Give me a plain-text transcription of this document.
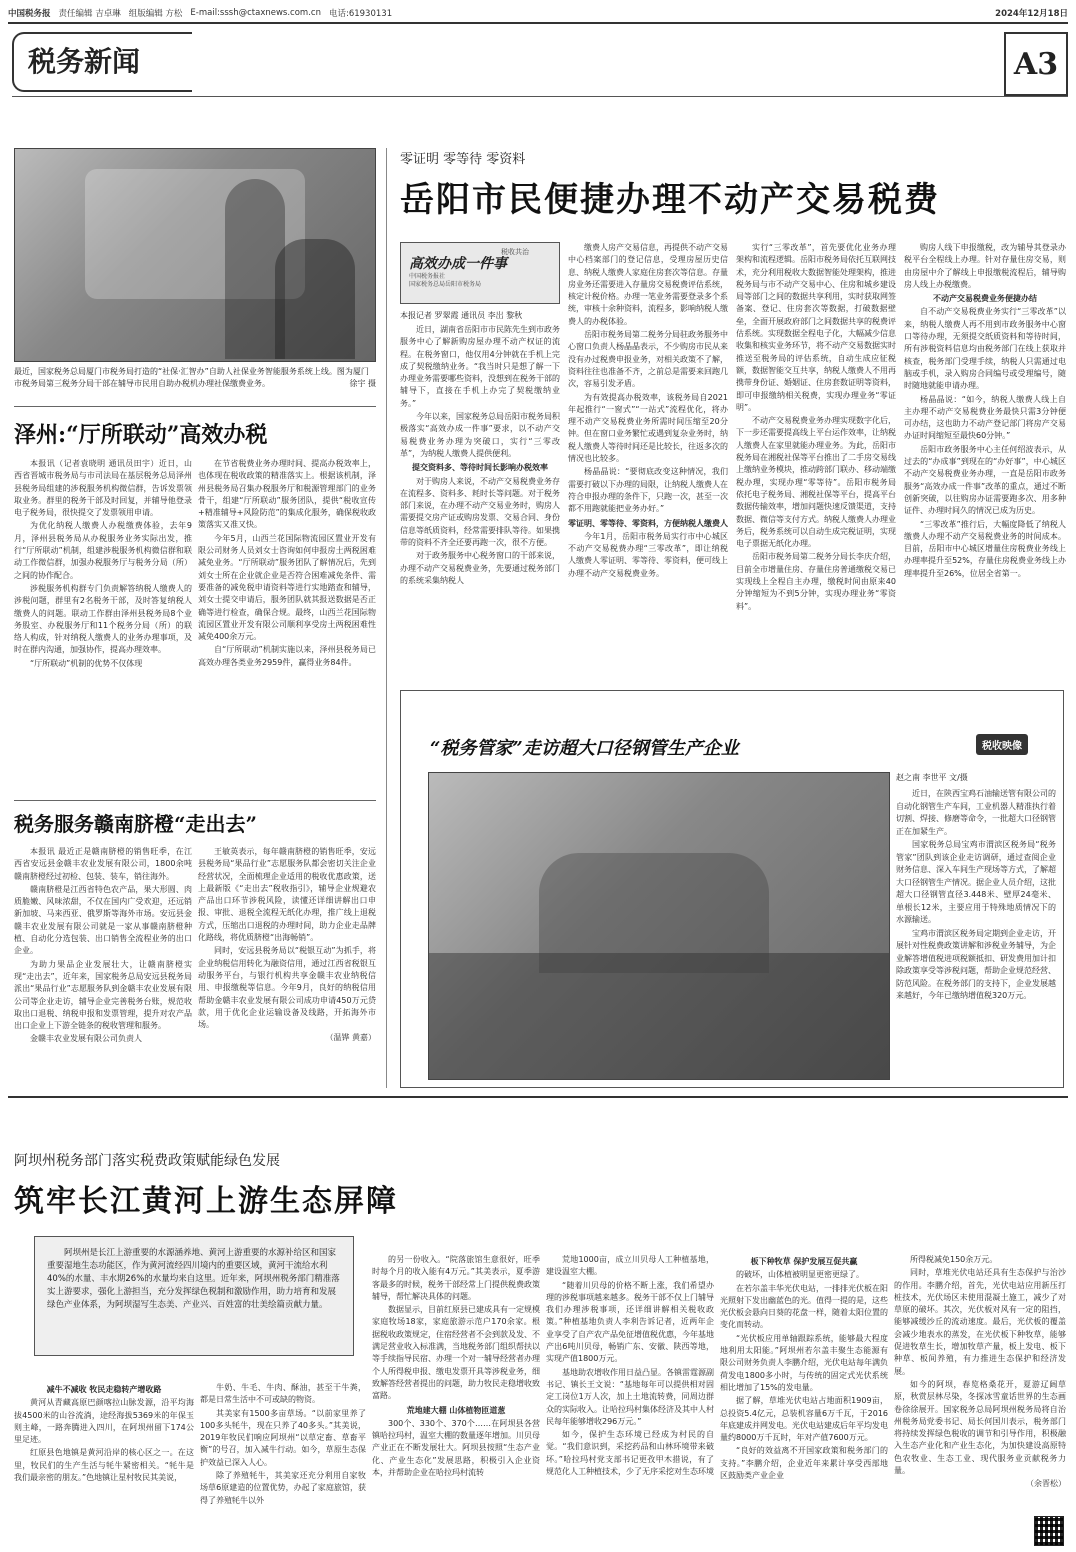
中国税务报 责任编辑 吉卓琳 组版编辑 方松 E-mail:sssh@ctaxnews.com.cn 电话:61930131	2024年12月18日
税务新闻	A3
最近，国家税务总局厦门市税务局打造的“社保·汇智办”自助人社保业务智能服务系统上线。图为厦门市税务局第三税务分局干部在辅导市民用自助办税机办理社保缴费业务。	徐宇 摄
泽州:“厅所联动”高效办税

本报讯（记者袁晓明 通讯员田宇）近日，山西省晋城市税务局与市司法局在基层税务总局泽州县税务局组建的涉税服务机构微信群，告诉发票领取业务。群里的税务干部及时回复，并辅导他登录电子税务局，很快提交了发票领用申请。

为优化纳税人缴费人办税缴费体验，去年9月，泽州县税务局从办税服务业务实际出发，推行“厅所联动”机制，组建涉税服务机构微信群和联动工作微信群，加强办税服务厅与税务分局（所）之间的协作配合。

涉税服务机构群专门负责解答纳税人缴费人的涉税问题，群里有2名税务干部，及时答复纳税人缴费人的问题。联动工作群由泽州县税务局8个业务股室、办税服务厅和11个税务分局（所）的联络人构成，针对纳税人缴费人的业务办理事项，及时在群内沟通，加强协作，提高办理效率。

“厅所联动”机制的优势不仅体现

在节省税费业务办理时间、提高办税效率上，也体现在税收政策的精准落实上。根据该机制，泽州县税务局召集办税服务厅和税源管理部门的业务骨干，组建“厅所联动”服务团队，提供“税收宣传+精准辅导+风险防范”的集成化服务，确保税收政策落实又准又快。

今年5月，山西兰花国际物流园区置业开发有限公司财务人员刘女士咨询如何申报房土两税困难减免业务。“厅所联动”服务团队了解情况后，先到刘女士所在企业就企业是否符合困难减免条件、需要准备的减免税申请资料等进行实地踏查和辅导，刘女士提交申请后，服务团队就其报送数据是否正确等进行检查，确保合规。最终，山西兰花国际物流园区置业开发有限公司顺利享受房土两税困难性减免400余万元。

自“厅所联动”机制实施以来，泽州县税务局已高效办理各类业务2959件，赢得业务84件。

税务服务赣南脐橙“走出去”

本报讯 最近正是赣南脐橙的销售旺季，在江西省安远县金赣丰农业发展有限公司，1800余吨赣南脐橙经过初检、包装、装车，销往海外。

赣南脐橙是江西省特色农产品，果大形圆、肉质脆嫩、风味浓甜，不仅在国内广受欢迎，还远销新加坡、马来西亚、俄罗斯等海外市场。安远县金赣丰农业发展有限公司就是一家从事赣南脐橙种植、自动化分选包装、出口销售全流程业务的出口企业。

为助力果品企业发展壮大，让赣南脐橙实现“走出去”，近年来，国家税务总局安远县税务局派出“果品行业”志愿服务队到金赣丰农业发展有限公司等企业走访，辅导企业完善税务台账，规范收取出口退税、纳税申报和发票管理，提升对农产品出口企业上下游全链条的税收管理和服务。

金赣丰农业发展有限公司负责人

王敏英表示，每年赣南脐橙的销售旺季，安远县税务局“果品行业”志愿服务队都会密切关注企业经营状况，全面梳理企业适用的税收优惠政策，送上最新版《“走出去”税收指引》，辅导企业规避农产品出口环节涉税风险，读懂还详细讲解出口申报、审批、退税全流程无纸化办理，推广线上退税方式，压缩出口退税的办理时间，助力企业走品牌化路线，将优质脐橙“出海畅销”。

同时，安远县税务局以“税银互动”为抓手，将企业纳税信用转化为融资信用，通过江西省税银互动服务平台，与银行机构共享金赣丰农业纳税信用、申报缴税等信息。今年9月，良好的纳税信用帮助金赣丰农业发展有限公司成功申请450万元贷款，用于优化企业运输设备及线路，开拓海外市场。

（温铧 黄嘉）

零证明 零等待 零资料
岳阳市民便捷办理不动产交易税费
税收共治
高效办成一件事
中国税务报社
国家税务总局岳阳市税务局
本报记者 罗翠霞 通讯员 李岀 黎秋

近日，湖南省岳阳市市民陈先生到市政务服务中心了解新购房屋办理不动产权证的流程。在税务窗口，他仅用4分钟就在手机上完成了契税缴纳业务。“我当时只是想了解一下办理业务需要哪些资料，没想到在税务干部的辅导下，直接在手机上办完了契税缴纳业务。”

今年以来，国家税务总局岳阳市税务局积极落实“高效办成一件事”要求，以不动产交易税费业务办理为突破口，实行“三零改革”，为纳税人缴费人提供便利。

提交资料多、等待时间长影响办税效率

对于购房人来说，不动产交易税费业务存在流程多、资料多、耗时长等问题。对于税务部门来说，在办理不动产交易业务时，购房人需要提交房产证或购房发票、交易合同、身份信息等纸质资料，经常需要排队等待。如果携带的资料不齐全还要再跑一次，很不方便。

对于政务服务中心税务窗口的干部来说，办理不动产交易税费业务，先要通过税务部门的系统采集纳税人

缴费人房产交易信息，再提供不动产交易中心档案部门的登记信息，受理房屋历史信息、纳税人缴费人家庭住房套次等信息。存量房业务还需要进入存量房交易税费评估系统，核定计税价格。办理一笔业务需要登录多个系统，审核十余种资料，流程多，影响纳税人缴费人的办税体验。

岳阳市税务局第二税务分局驻政务服务中心窗口负责人杨晶晶表示，不少购房市民从来没有办过税费申报业务，对相关政策不了解，资料往往也准备不齐，之前总是需要来回跑几次，容易引发矛盾。

为有效提高办税效率，该税务局自2021年起推行“一窗式”“一站式”流程优化，将办理不动产交易税费业务所需时间压缩至20分钟。但在窗口业务繁忙或遇到复杂业务时，纳税人缴费人等待时间还是比较长，往返多次的情况也比较多。

杨晶晶说：“要彻底改变这种情况，我们需要打破以下办理的局限，让纳税人缴费人在符合申报办理的条件下，只跑一次，甚至一次都不用跑就能把业务办好。”

零证明、零等待、零资料，方便纳税人缴费人

今年1月，岳阳市税务局实行市中心城区不动产交易税费办理“三零改革”，即让纳税人缴费人零证明、零等待、零资料，便可线上办理不动产交易税费业务。

实行“三零改革”，首先要优化业务办理架构和流程逻辑。岳阳市税务局依托互联网技术，充分利用税收大数据智能处理架构，推进税务局与市不动产交易中心、住房和城乡建设局等部门之间的数据共享利用，实时获取网签备案、登记、住房套次等数据，打破数据壁垒，全面开展政府部门之间数据共享的税费评估系统。实现数据全程电子化，大幅减少信息收集和核实业务环节，将不动产交易数据实时推送至税务局的评估系统，自动生成应征税额，数据智能交互共享，纳税人缴费人不用再携带身份证、婚姻证、住房套数证明等资料，即可申报缴纳相关税费，实现办理业务“零证明”。

不动产交易税费业务办理实现数字化后，下一步还需要提高线上平台运作效率，让纳税人缴费人在家里就能办理业务。为此，岳阳市税务局在湘税社保等平台推出了二手房交易线上缴纳业务模块，推动跨部门联办、移动端缴税办理，实现办理“零等待”。岳阳市税务局依托电子税务局、湘税社保等平台，提高平台数据传输效率，增加问题快速反馈渠道，支持数据、微信等支付方式。纳税人缴费人办理业务后，税务系统可以自动生成完税证明，实现电子票据无纸化办理。

岳阳市税务局第二税务分局长李庆介绍，目前全市增量住房、存量住房普通缴税交易已实现线上全程自主办理，缴税时间由原来40分钟缩短为不到5分钟，实现办理业务“零资料”。

购房人线下申报缴税，改为辅导其登录办税平台全程线上办理。针对存量住房交易，则由房屋中介了解线上申报缴税流程后，辅导购房人线上办税缴费。

不动产交易税费业务便捷办结

自不动产交易税费业务实行“三零改革”以来，纳税人缴费人再不用到市政务服务中心窗口等待办理，无须提交纸质资料和等待时间，所有涉税资料信息均由税务部门在线上获取并核查，税务部门受理手续，纳税人只需通过电脑或手机，录入购房合同编号或受理编号，随时随地就能申请办理。

杨晶晶说：“如今，纳税人缴费人线上自主办理不动产交易税费业务最快只需3分钟便可办结，这也助力不动产登记部门将房产交易办证时间缩短至最快60分钟。”

岳阳市政务服务中心主任何绍波表示，从过去的“办成事”到现在的“办好事”，中心城区不动产交易税费业务办理，一直是岳阳市政务服务“高效办成一件事”改革的重点，通过不断创新突破，以往购房办证需要跑多次、用多种证件、办理时间久的情况已成为历史。

“三零改革”推行后，大幅度降低了纳税人缴费人办理不动产交易税费业务的时间成本。目前，岳阳市中心城区增量住房税费业务线上办理率提升至52%，存量住房税费业务线上办理率提升至26%，位居全省第一。

“税务管家”走访超大口径钢管生产企业	税收映像
赵之南 李世平 文/摄

近日，在陕西宝鸡石油输送管有限公司的自动化钢管生产车间，工业机器人精准执行着切割、焊接、修磨等命令，一批超大口径钢管正在加紧生产。

国家税务总局宝鸡市渭滨区税务局“税务管家”团队到该企业走访调研，通过查阅企业财务信息、深入车间生产现场等方式，了解超大口径钢管生产情况。据企业人员介绍，这批超大口径钢管直径3.448米、壁厚24毫米、单根长12米，主要应用于特殊地质情况下的水源输送。

宝鸡市渭滨区税务局定期到企业走访，开展针对性税费政策讲解和涉税业务辅导，为企业解答增值税进项税额抵扣、研发费用加计扣除政策享受等涉税问题，帮助企业规范经营、防范风险。在税务部门的支持下，企业发展越来越好，今年已缴纳增值税320万元。

阿坝州税务部门落实税费政策赋能绿色发展
筑牢长江黄河上游生态屏障

阿坝州是长江上游重要的水源涵养地、黄河上游重要的水源补给区和国家重要湿地生态功能区，作为黄河流经四川境内的重要区域，黄河干流给水利40%的水量、丰水期26%的水量均来自这里。近年来，阿坝州税务部门精准落实上游要求，强化上游担当，充分发挥绿色税制和激励作用，助力培育和发展绿色产业体系，为阿坝湿写生态美、产业兴、百姓富的壮美绘篇贡献力量。

减牛不减收 牧民走稳转产增收路

黄河从青藏高原巴颜喀拉山脉发源，沿平均海拔4500米的山谷流淌，途经海拔5369米的年保玉则主峰，一路奔腾进入四川，在阿坝州留下174公里足迹。

红原县色地镇是黄河沿岸的核心区之一。在这里，牧民们的生产生活与牦牛紧密相关。“牦牛是我们最亲密的朋友。”色地镇让星村牧民其美说，

牛奶、牛毛、牛肉、酥油，甚至干牛粪，都是日常生活中不可或缺的物资。

其美家有1500多亩草场。“以前家里养了100多头牦牛，现在只养了40多头。”其美说，2019年牧民们响应阿坝州“以草定畜、草畜平衡”的号召，加入减牛行动。如今，草原生态保护效益已深入人心。

除了养殖牦牛，其美家还充分利用自家牧场草6原建造的位置优势，办起了家庭旅馆，获得了养殖牦牛以外

的另一份收入。“院落旅馆生意很好，旺季时每个月的收入能有4万元。”其美表示，夏季游客最多的时候，税务干部经常上门提供税费政策辅导，帮忙解决具体的问题。

数据显示，目前红原县已建成具有一定规模家庭牧场18家，家庭旅游示范户170余家。根据税收政策规定，住宿经营者不会到款及发、不满足营业收入标准满，当地税务部门组织帮扶以等手续指导民宿、办理一个对一辅导经营者办理个人所得税申报、缴电发票开具等涉税业务，细致解答经营者提出的问题，助力牧民走稳增收致富路。

荒地建大棚 山体植物匝道葱

300个、330个、370个……在阿坝县各营镇哈拉玛村，温室大棚的数量逐年增加。川贝母产业正在不断发展壮大。阿坝县按照“生态产业化、产业生态化”发展思路，积极引入企业资本，并帮助企业在哈拉玛村流转

荒地1000亩，成立川贝母人工种植基地，建设温室大棚。

“随着川贝母的价格不断上涨，我们希望办理的涉税事项越来越多。税务干部不仅上门辅导我们办理涉税事项，还详细讲解相关税收政策。”种植基地负责人李利告诉记者，近两年企业享受了自产农产品免征增值税优惠，今年基地产出6吨川贝母，畅销广东、安徽、陕西等地，实现产值1800万元。

基地助农增收作用日益凸显。各镇雷霆源副书记、镇长王文说：“基地每年可以提供相对固定工岗位1万人次，加上土地流转费，同周边群众的实际收入。让哈拉玛村集体经济及其中人村民每年能够增收296万元。”

如今，保护生态环境已经成为村民的自觉。“我们意识到，采挖药品和山林环境带来破坏。”哈拉玛村党支部书记更孜甲木措说，有了规范化人工种植技术，少了无序采挖对生态环境

板下种牧草 保护发展互促共赢

的破坏，山体植被明显更密更绿了。

在若尔盖丰华光伏电站，一排排光伏板在阳光照射下发出幽蓝色的光。值得一提的是，这些光伏板会悬向日葵的花盘一样，随着太阳位置的变化而转动。

“光伏板应用单轴跟踪系统，能够最大程度地利用太阳能。”阿坝州若尔盖丰聚生态能源有限公司财务负责人李鹏介绍，光伏电站每年满负荷发电1800多小时，与传统的固定式光伏系统相比增加了15%的发电量。

据了解，草堆光伏电站占地面积1909亩，总投资5.4亿元，总装机容量6万千瓦，于2016年底建成并网发电。光伏电站建成后年平均发电量约8000万千瓦时，年对产值7600万元。

“良好的效益离不开国家政策和税务部门的支持。”李鹏介绍，企业近年来累计享受西部地区鼓励类产业企业

所得税减免150余万元。

同时，草堆光伏电站还具有生态保护与治沙的作用。李鹏介绍，首先，光伏电站应用新压打桩技术，光伏场区未使用混凝土施工，减少了对草原的破坏。其次，光伏板对风有一定的阻挡，能够减缓沙丘的流动速度。最后，光伏板的覆盖会减少地表水的蒸发，在光伏板下种牧草，能够促进牧草生长，增加牧草产量，板上发电、板下种草、板间养殖，有力推进生态保护和经济发展。

如今的阿坝，春览格桑花开，夏游辽阔草原，秋赏层林尽染，冬探冰雪童话世界的生态画卷徐徐展开。国家税务总局阿坝州税务局将自治州税务局党委书记、局长何国川表示，税务部门将持续发挥绿色税收的调节和引导作用，积极融入生态产业化和产业生态化，为加快建设高原特色农牧业、生态工业、现代服务业贡献税务力量。

（余晋松）
